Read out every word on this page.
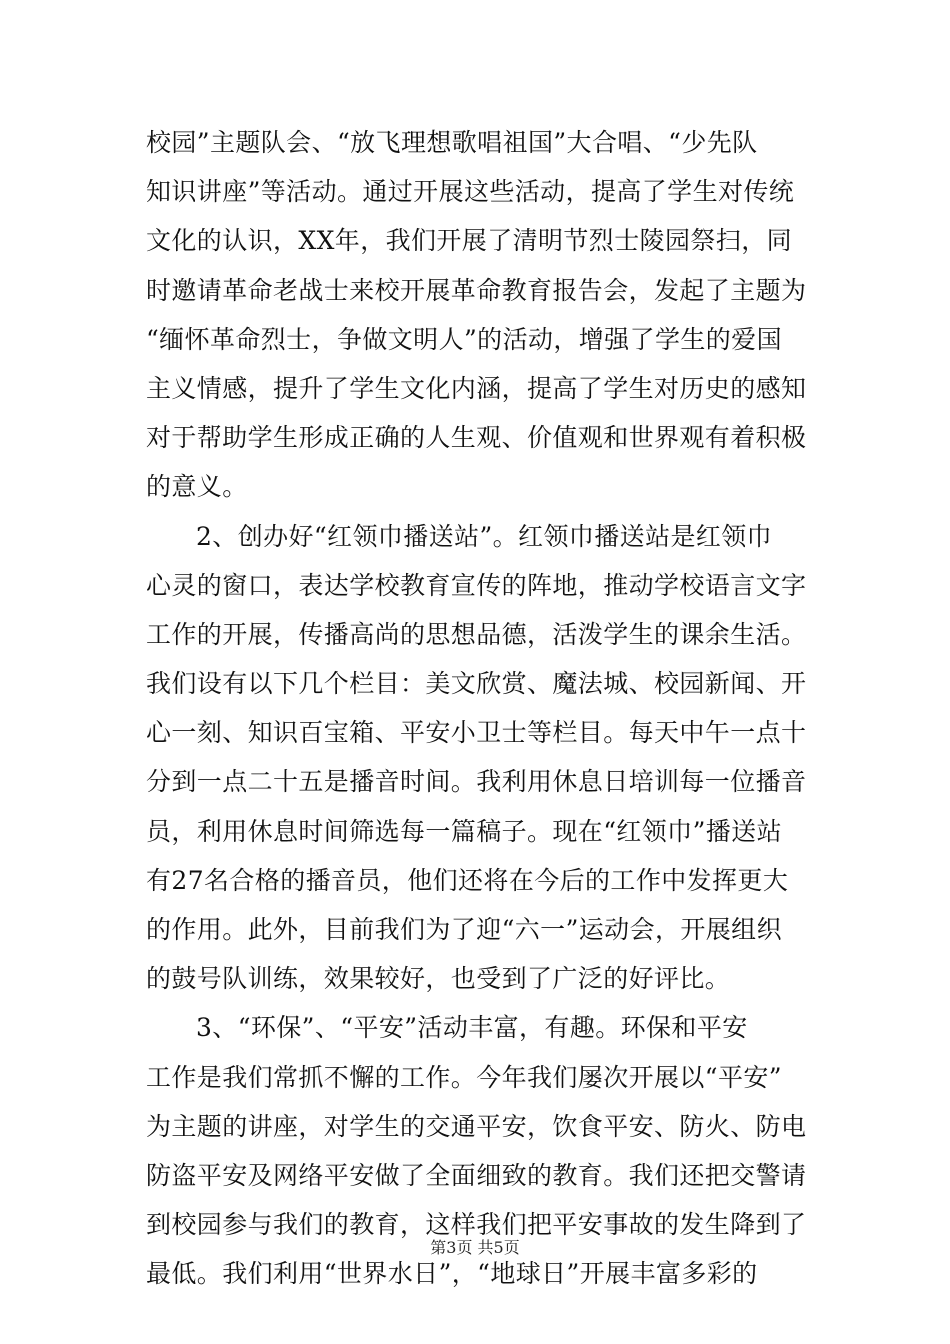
校园”主题队会、“放飞理想歌唱祖国”大合唱、“少先队
知识讲座”等活动。通过开展这些活动，提高了学生对传统
文化的认识，XX年，我们开展了清明节烈士陵园祭扫，同
时邀请革命老战士来校开展革命教育报告会，发起了主题为
“缅怀革命烈士，争做文明人”的活动，增强了学生的爱国
主义情感，提升了学生文化内涵，提高了学生对历史的感知
对于帮助学生形成正确的人生观、价值观和世界观有着积极
的意义。
2、创办好“红领巾播送站”。红领巾播送站是红领巾
心灵的窗口，表达学校教育宣传的阵地，推动学校语言文字
工作的开展，传播高尚的思想品德，活泼学生的课余生活。
我们设有以下几个栏目：美文欣赏、魔法城、校园新闻、开
心一刻、知识百宝箱、平安小卫士等栏目。每天中午一点十
分到一点二十五是播音时间。我利用休息日培训每一位播音
员，利用休息时间筛选每一篇稿子。现在“红领巾”播送站
有27名合格的播音员，他们还将在今后的工作中发挥更大
的作用。此外，目前我们为了迎“六一”运动会，开展组织
的鼓号队训练，效果较好，也受到了广泛的好评比。
3、“环保”、“平安”活动丰富，有趣。环保和平安
工作是我们常抓不懈的工作。今年我们屡次开展以“平安”
为主题的讲座，对学生的交通平安，饮食平安、防火、防电
防盗平安及网络平安做了全面细致的教育。我们还把交警请
到校园参与我们的教育，这样我们把平安事故的发生降到了
最低。我们利用“世界水日”，“地球日”开展丰富多彩的
第3页 共5页
